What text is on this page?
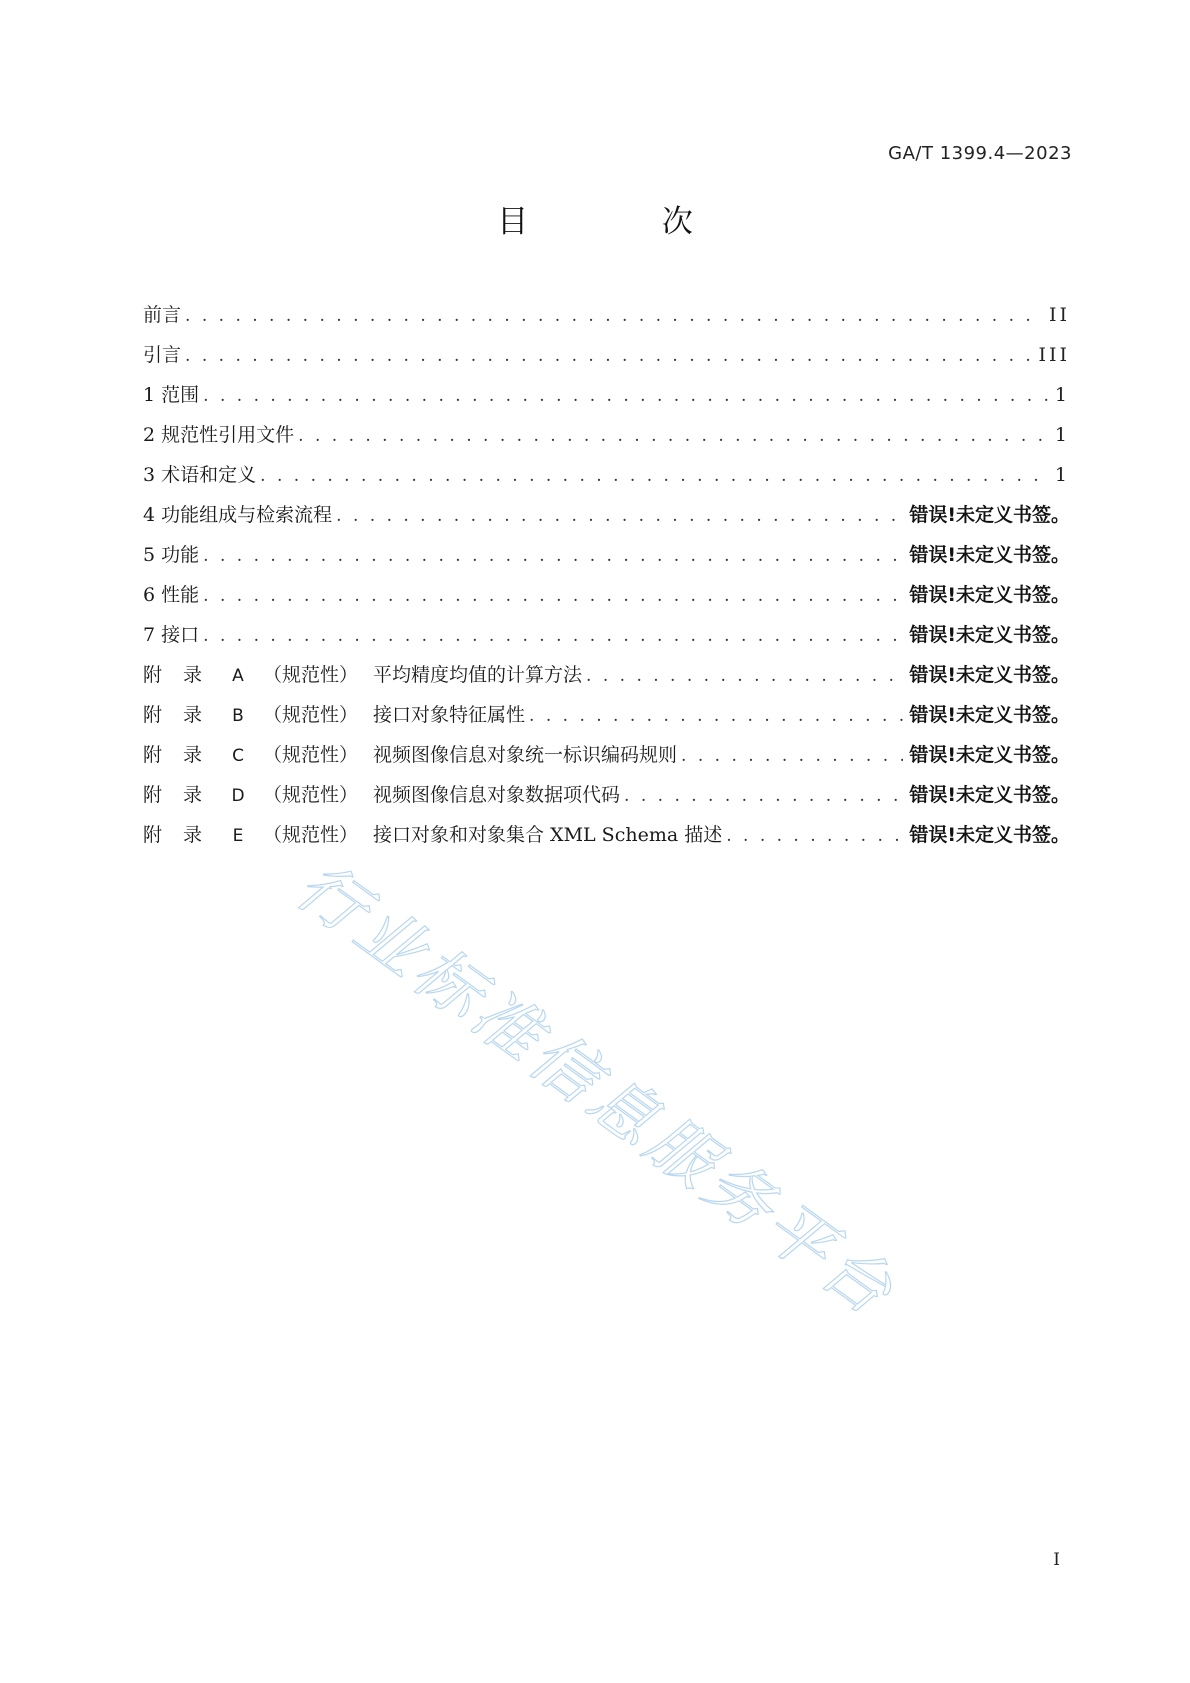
GA/T 1399.4—2023
目 次
前言 . . .	II
引言 . . .	III
1 范围 . . .	1
2 规范性引用文件 . . .	1
3 术语和定义 . . .	1
4 功能组成与检索流程 . . .	错误!未定义书签。
5 功能 . . .	错误!未定义书签。
6 性能 . . .	错误!未定义书签。
7 接口 . . .	错误!未定义书签。
附 录 A （规范性） 平均精度均值的计算方法 . . .	错误!未定义书签。
附 录 B （规范性） 接口对象特征属性 . . .	错误!未定义书签。
附 录 C （规范性） 视频图像信息对象统一标识编码规则 . . .	错误!未定义书签。
附 录 D （规范性） 视频图像信息对象数据项代码 . . .	错误!未定义书签。
附 录 E （规范性） 接口对象和对象集合 XML Schema 描述 . . .	错误!未定义书签。
行业标准信息服务平台
I
